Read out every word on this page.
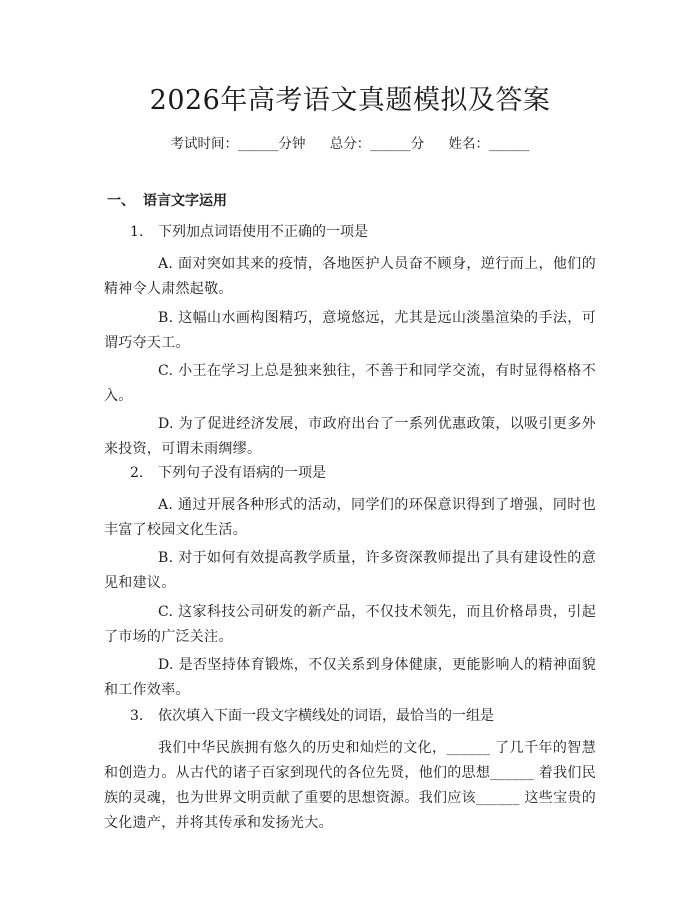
2026年高考语文真题模拟及答案
考试时间：______分钟 总分：______分 姓名：______
一、 语言文字运用
1. 下列加点词语使用不正确的一项是
A. 面对突如其来的疫情，各地医护人员奋不顾身，逆行而上，他们的精神令人肃然起敬。
B. 这幅山水画构图精巧，意境悠远，尤其是远山淡墨渲染的手法，可谓巧夺天工。
C. 小王在学习上总是独来独往，不善于和同学交流，有时显得格格不入。
D. 为了促进经济发展，市政府出台了一系列优惠政策，以吸引更多外来投资，可谓未雨绸缪。
2. 下列句子没有语病的一项是
A. 通过开展各种形式的活动，同学们的环保意识得到了增强，同时也丰富了校园文化生活。
B. 对于如何有效提高教学质量，许多资深教师提出了具有建设性的意见和建议。
C. 这家科技公司研发的新产品，不仅技术领先，而且价格昂贵，引起了市场的广泛关注。
D. 是否坚持体育锻炼，不仅关系到身体健康，更能影响人的精神面貌和工作效率。
3. 依次填入下面一段文字横线处的词语，最恰当的一组是
我们中华民族拥有悠久的历史和灿烂的文化，______ 了几千年的智慧和创造力。从古代的诸子百家到现代的各位先贤，他们的思想______ 着我们民族的灵魂，也为世界文明贡献了重要的思想资源。我们应该______ 这些宝贵的文化遗产，并将其传承和发扬光大。
